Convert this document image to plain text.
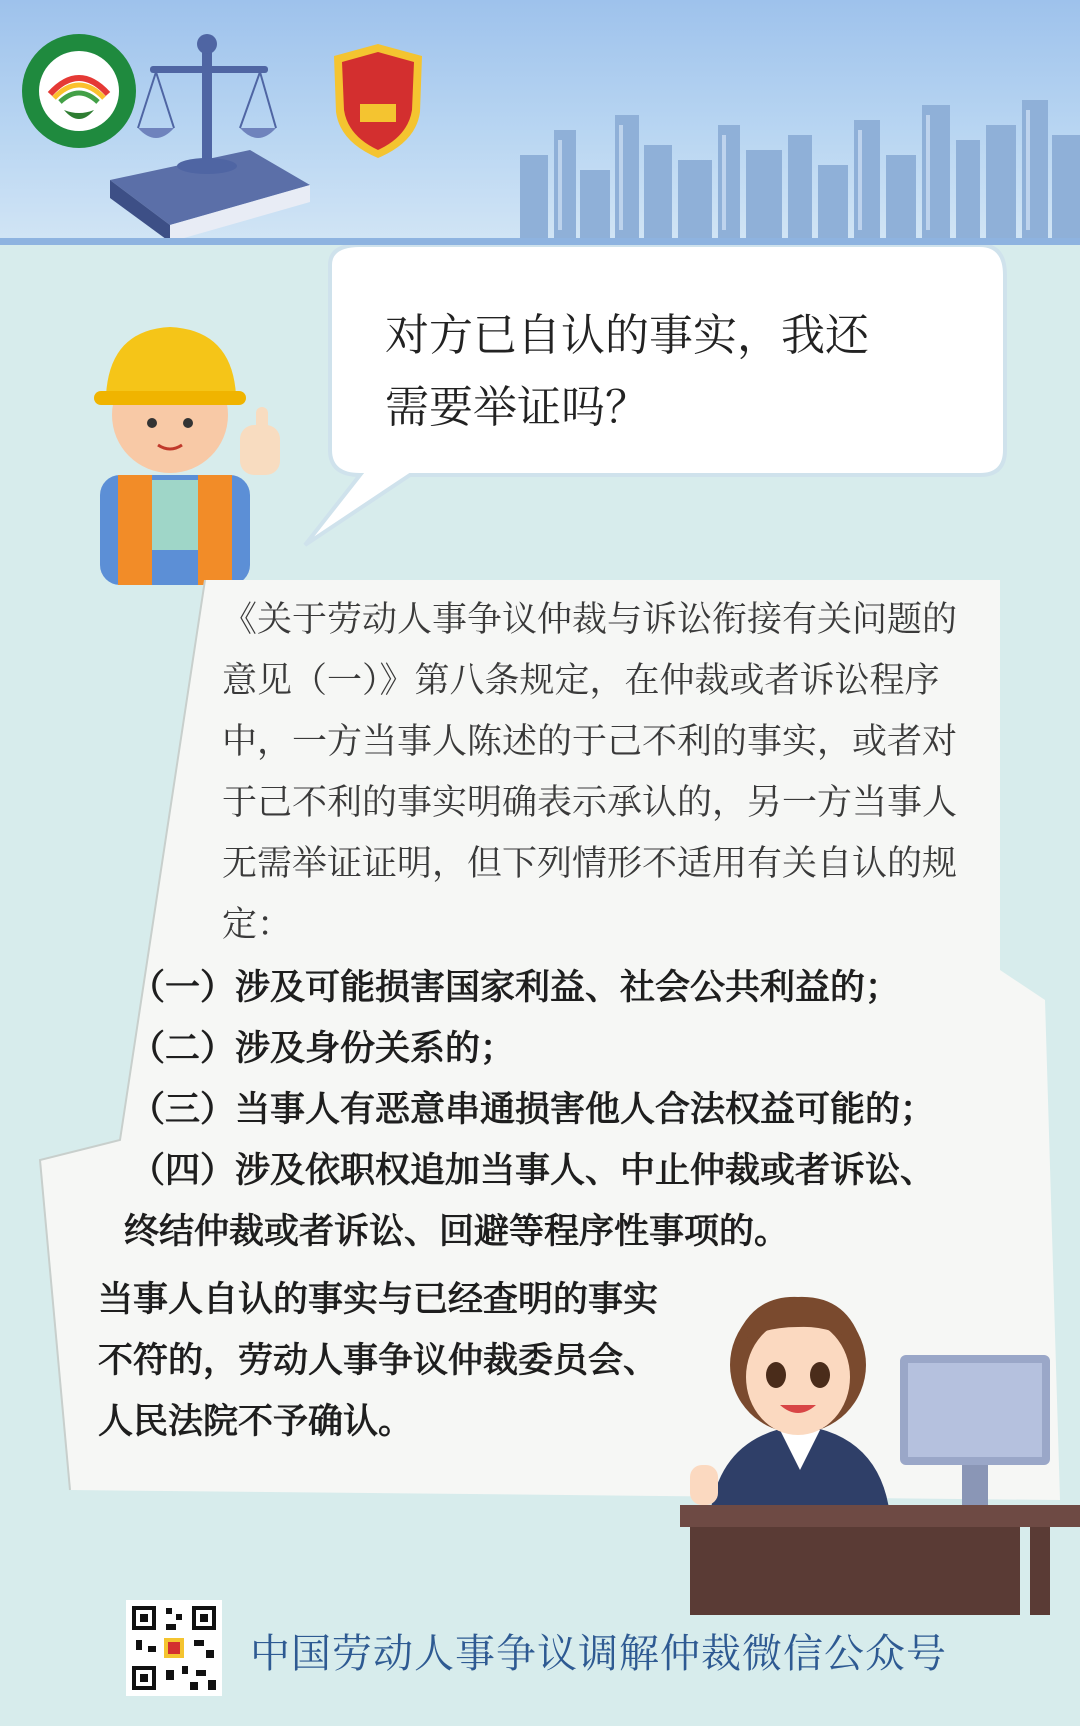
对方已自认的事实，我还
需要举证吗？
《关于劳动人事争议仲裁与诉讼衔接有关问题的
意见（一）》第八条规定，在仲裁或者诉讼程序
中，一方当事人陈述的于己不利的事实，或者对
于己不利的事实明确表示承认的，另一方当事人
无需举证证明，但下列情形不适用有关自认的规
定：
（一）涉及可能损害国家利益、社会公共利益的；
（二）涉及身份关系的；
（三）当事人有恶意串通损害他人合法权益可能的；
（四）涉及依职权追加当事人、中止仲裁或者诉讼、
终结仲裁或者诉讼、回避等程序性事项的。
当事人自认的事实与已经查明的事实
不符的，劳动人事争议仲裁委员会、
人民法院不予确认。
中国劳动人事争议调解仲裁微信公众号
